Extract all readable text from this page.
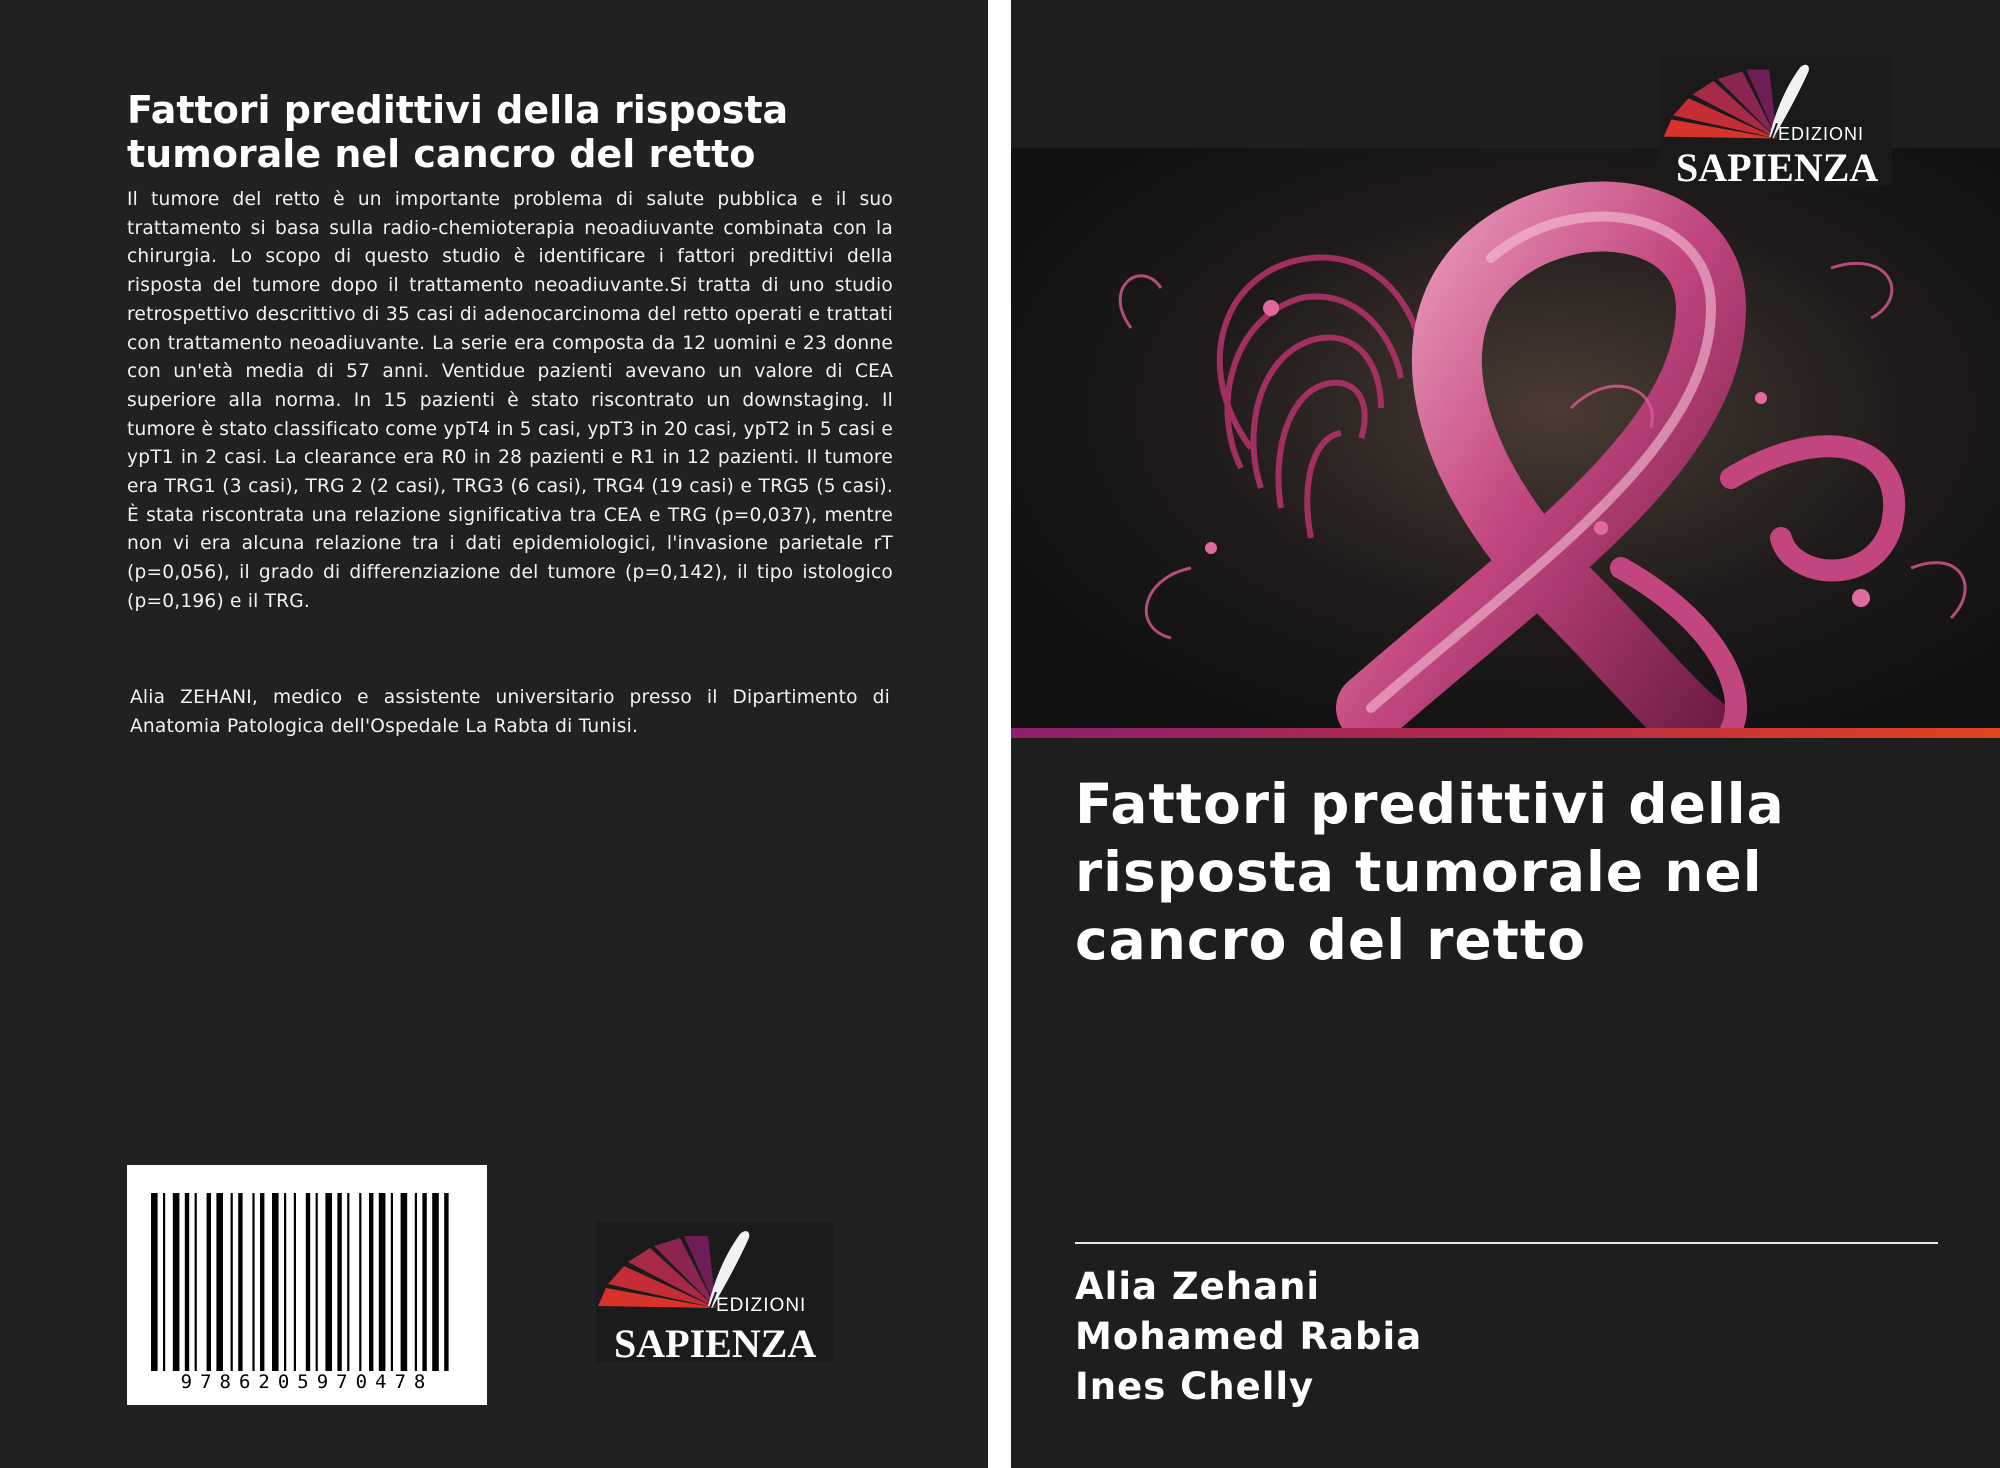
Fattori predittivi della risposta tumorale nel cancro del retto

Il tumore del retto è un importante problema di salute pubblica e il suo trattamento si basa sulla radio-chemioterapia neoadiuvante combinata con la chirurgia. Lo scopo di questo studio è identificare i fattori predittivi della risposta del tumore dopo il trattamento neoadiuvante.Si tratta di uno studio retrospettivo descrittivo di 35 casi di adenocarcinoma del retto operati e trattati con trattamento neoadiuvante. La serie era composta da 12 uomini e 23 donne con un'età media di 57 anni. Ventidue pazienti avevano un valore di CEA superiore alla norma. In 15 pazienti è stato riscontrato un downstaging. Il tumore è stato classificato come ypT4 in 5 casi, ypT3 in 20 casi, ypT2 in 5 casi e ypT1 in 2 casi. La clearance era R0 in 28 pazienti e R1 in 12 pazienti. Il tumore era TRG1 (3 casi), TRG 2 (2 casi), TRG3 (6 casi), TRG4 (19 casi) e TRG5 (5 casi). È stata riscontrata una relazione significativa tra CEA e TRG (p=0,037), mentre non vi era alcuna relazione tra i dati epidemiologici, l'invasione parietale rT (p=0,056), il grado di differenziazione del tumore (p=0,142), il tipo istologico (p=0,196) e il TRG.

Alia ZEHANI, medico e assistente universitario presso il Dipartimento di Anatomia Patologica dell'Ospedale La Rabta di Tunisi.

9786205970478
EDIZIONI
SAPIENZA
EDIZIONI
SAPIENZA
Fattori predittivi della risposta tumorale nel cancro del retto
Alia Zehani
Mohamed Rabia
Ines Chelly
